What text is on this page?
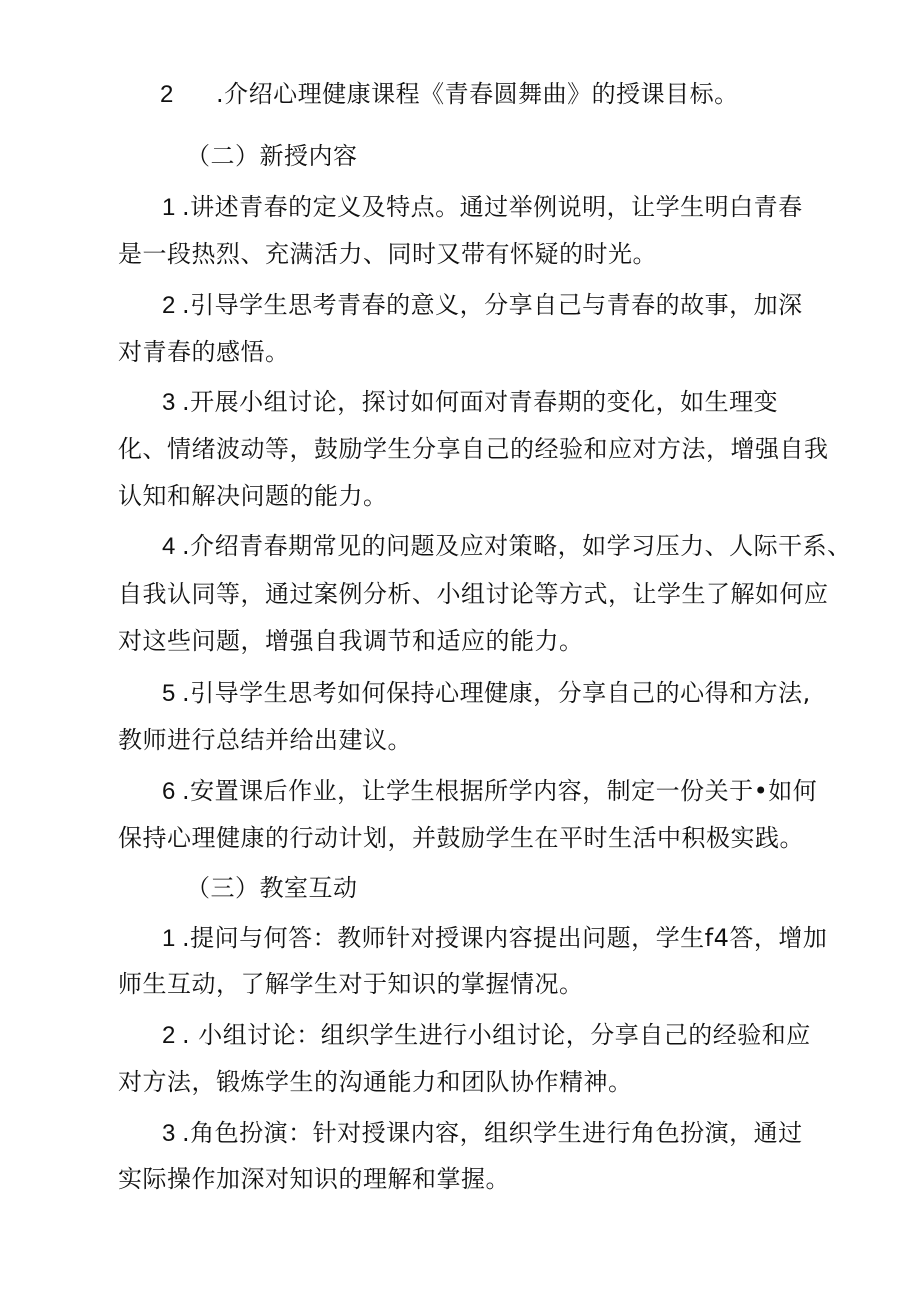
2 .介绍心理健康课程《青春圆舞曲》的授课目标。
（二）新授内容
1 .讲述青春的定义及特点。通过举例说明，让学生明白青春
是一段热烈、充满活力、同时又带有怀疑的时光。
2 .引导学生思考青春的意义，分享自己与青春的故事，加深
对青春的感悟。
3 .开展小组讨论，探讨如何面对青春期的变化，如生理变
化、情绪波动等，鼓励学生分享自己的经验和应对方法，增强自我
认知和解决问题的能力。
4 .介绍青春期常见的问题及应对策略，如学习压力、人际干系、
自我认同等，通过案例分析、小组讨论等方式，让学生了解如何应
对这些问题，增强自我调节和适应的能力。
5 .引导学生思考如何保持心理健康，分享自己的心得和方法,
教师进行总结并给出建议。
6 .安置课后作业，让学生根据所学内容，制定一份关于•如何
保持心理健康的行动计划，并鼓励学生在平时生活中积极实践。
（三）教室互动
1 .提问与何答：教师针对授课内容提出问题，学生f4答，增加
师生互动，了解学生对于知识的掌握情况。
2 . 小组讨论：组织学生进行小组讨论，分享自己的经验和应
对方法，锻炼学生的沟通能力和团队协作精神。
3 .角色扮演：针对授课内容，组织学生进行角色扮演，通过
实际操作加深对知识的理解和掌握。
